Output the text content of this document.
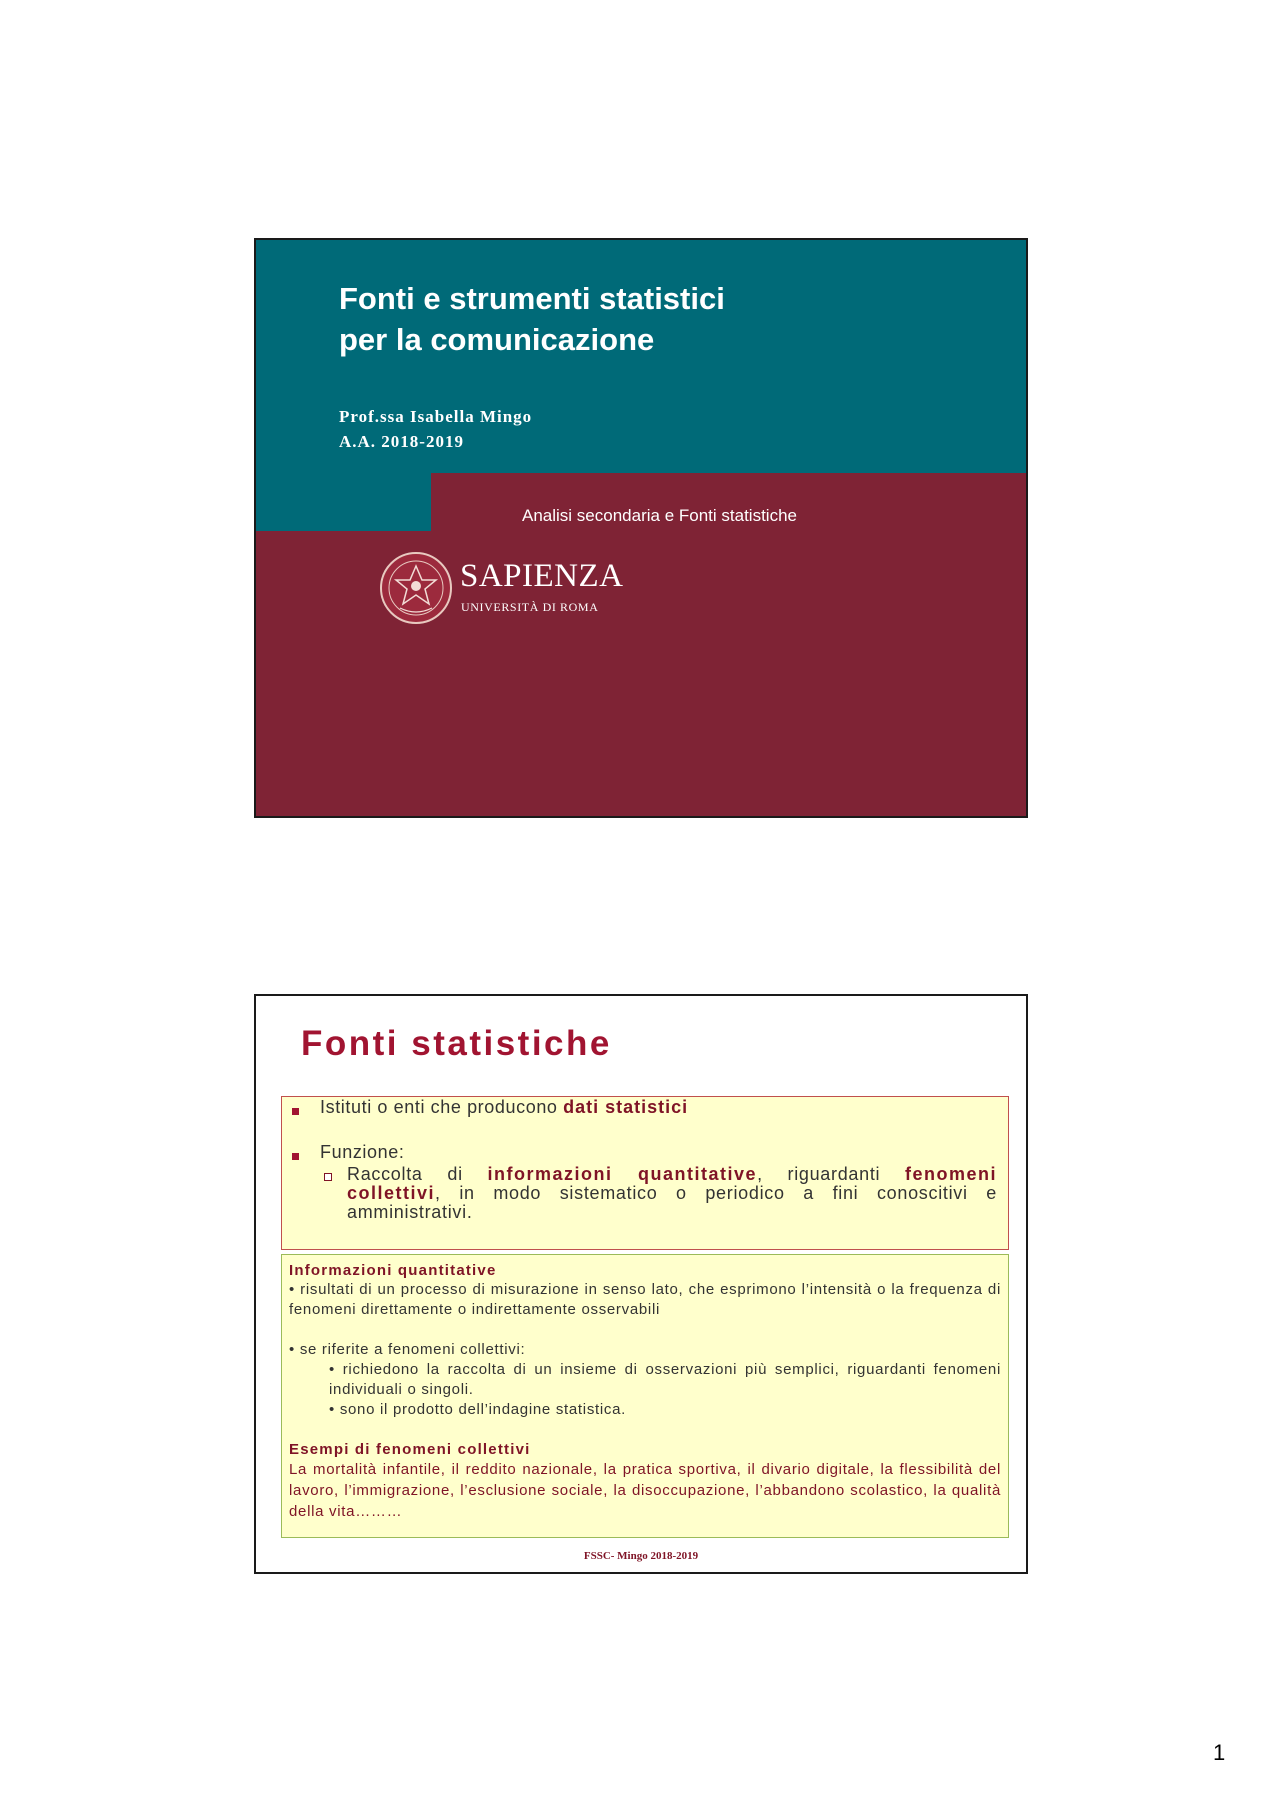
Fonti e strumenti statistici
per la comunicazione
Prof.ssa Isabella Mingo
A.A. 2018-2019
Analisi secondaria e Fonti statistiche
SAPIENZA
UNIVERSITÀ DI ROMA
Fonti statistiche
Istituti o enti che producono dati statistici
Funzione:
Raccolta di informazioni quantitative, riguardanti fenomeni collettivi, in modo sistematico o periodico a fini conoscitivi e amministrativi.
Informazioni quantitative

• risultati di un processo di misurazione in senso lato, che esprimono l’intensità o la frequenza di fenomeni direttamente o indirettamente osservabili

• se riferite a fenomeni collettivi:

• richiedono la raccolta di un insieme di osservazioni più semplici, riguardanti fenomeni individuali o singoli.

• sono il prodotto dell’indagine statistica.

Esempi di fenomeni collettivi

La mortalità infantile, il reddito nazionale, la pratica sportiva, il divario digitale, la flessibilità del lavoro, l’immigrazione, l’esclusione sociale, la disoccupazione, l’abbandono scolastico, la qualità della vita………

FSSC- Mingo 2018-2019
1
